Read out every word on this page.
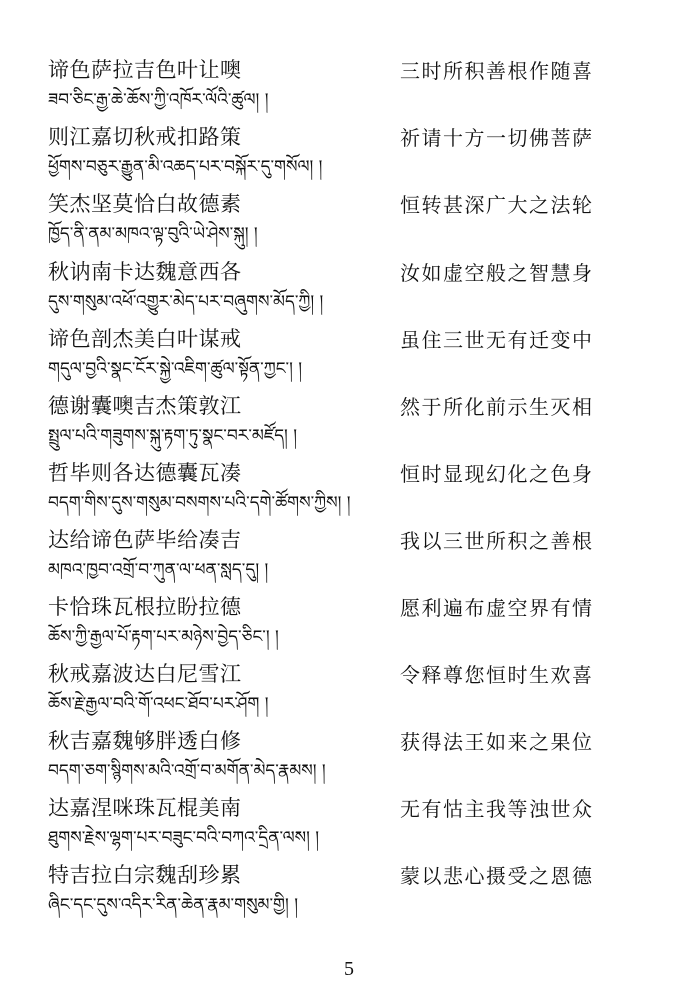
谛色萨拉吉色叶让噢	三时所积善根作随喜
ཟབ་ཅིང་རྒྱ་ཆེ་ཆོས་ཀྱི་འཁོར་ལོའི་ཚུལ། །
则江嘉切秋戒扣路策	祈请十方一切佛菩萨
ཕྱོགས་བཅུར་རྒྱུན་མི་འཆད་པར་བསྐོར་དུ་གསོལ། །
笑杰坚莫恰白故德素	恒转甚深广大之法轮
ཁྱོད་ནི་ནམ་མཁའ་ལྟ་བུའི་ཡེ་ཤེས་སྐུ། །
秋讷南卡达魏意西各	汝如虚空般之智慧身
དུས་གསུམ་འཕོ་འགྱུར་མེད་པར་བཞུགས་མོད་ཀྱི། །
谛色剖杰美白叶谋戒	虽住三世无有迁变中
གདུལ་བྱའི་སྣང་ངོར་སྐྱེ་འཇིག་ཚུལ་སྟོན་ཀྱང་། །
德谢囊噢吉杰策敦江	然于所化前示生灭相
སྤྲུལ་པའི་གཟུགས་སྐུ་རྟག་ཏུ་སྣང་བར་མཛོད། །
哲毕则各达德囊瓦凑	恒时显现幻化之色身
བདག་གིས་དུས་གསུམ་བསགས་པའི་དགེ་ཚོགས་ཀྱིས། །
达给谛色萨毕给凑吉	我以三世所积之善根
མཁའ་ཁྱབ་འགྲོ་བ་ཀུན་ལ་ཕན་སླད་དུ། །
卡恰珠瓦根拉盼拉德	愿利遍布虚空界有情
ཆོས་ཀྱི་རྒྱལ་པོ་རྟག་པར་མཉེས་བྱེད་ཅིང་། །
秋戒嘉波达白尼雪江	令释尊您恒时生欢喜
ཆོས་རྗེ་རྒྱལ་བའི་གོ་འཕང་ཐོབ་པར་ཤོག །
秋吉嘉魏够胖透白修	获得法王如来之果位
བདག་ཅག་སྙིགས་མའི་འགྲོ་བ་མགོན་མེད་རྣམས། །
达嘉涅咪珠瓦棍美南	无有怙主我等浊世众
ཐུགས་རྗེས་ལྷག་པར་བཟུང་བའི་བཀའ་དྲིན་ལས། །
特吉拉白宗魏刮珍累	蒙以悲心摄受之恩德
ཞིང་དང་དུས་འདིར་རིན་ཆེན་རྣམ་གསུམ་གྱི། །
5
